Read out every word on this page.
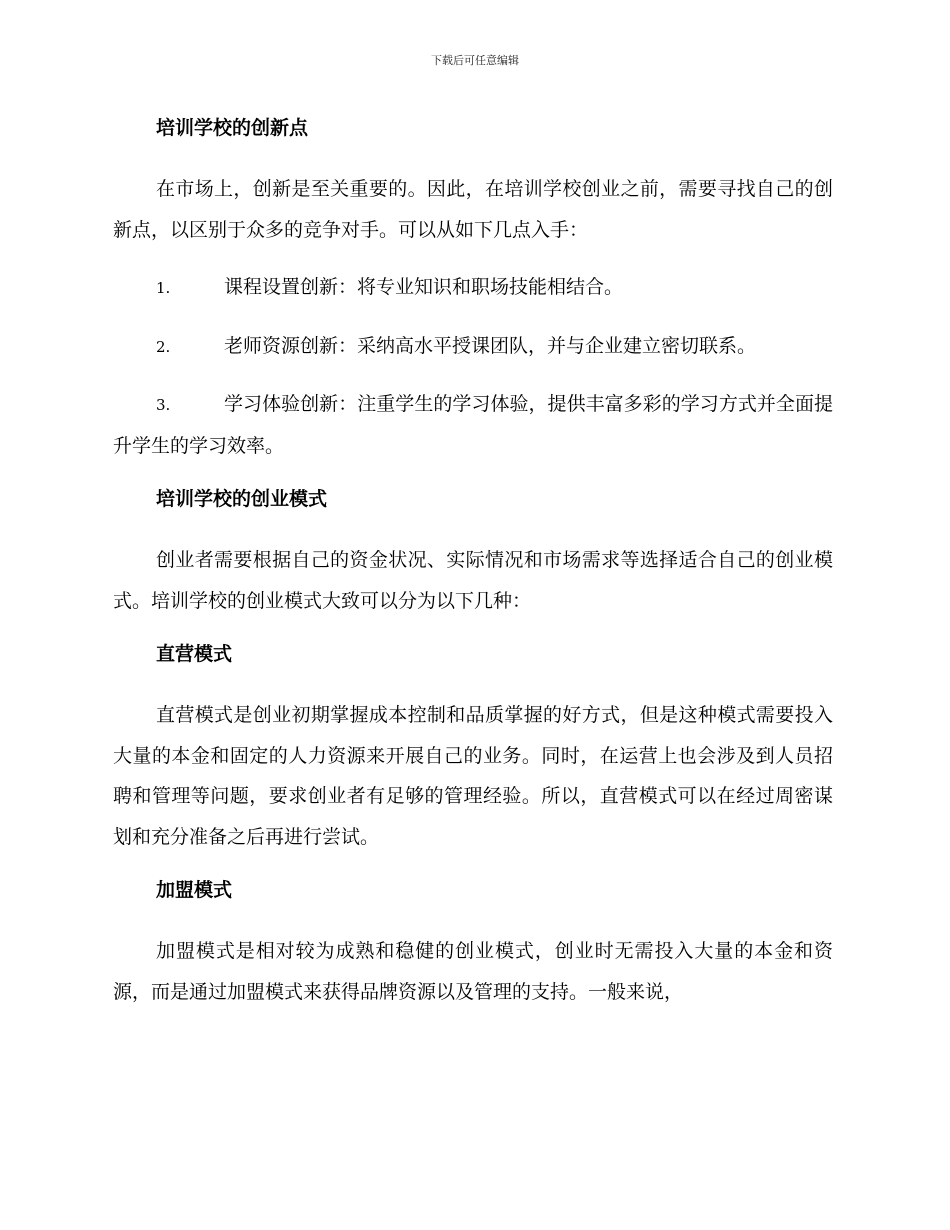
下载后可任意编辑
培训学校的创新点
在市场上，创新是至关重要的。因此，在培训学校创业之前，需要寻找自己的创新点，以区别于众多的竞争对手。可以从如下几点入手：
1.	课程设置创新：将专业知识和职场技能相结合。
2.	老师资源创新：采纳高水平授课团队，并与企业建立密切联系。
3.	学习体验创新：注重学生的学习体验，提供丰富多彩的学习方式并全面提升学生的学习效率。
培训学校的创业模式
创业者需要根据自己的资金状况、实际情况和市场需求等选择适合自己的创业模式。培训学校的创业模式大致可以分为以下几种：
直营模式
直营模式是创业初期掌握成本控制和品质掌握的好方式，但是这种模式需要投入大量的本金和固定的人力资源来开展自己的业务。同时，在运营上也会涉及到人员招聘和管理等问题，要求创业者有足够的管理经验。所以，直营模式可以在经过周密谋划和充分准备之后再进行尝试。
加盟模式
加盟模式是相对较为成熟和稳健的创业模式，创业时无需投入大量的本金和资源，而是通过加盟模式来获得品牌资源以及管理的支持。一般来说，
